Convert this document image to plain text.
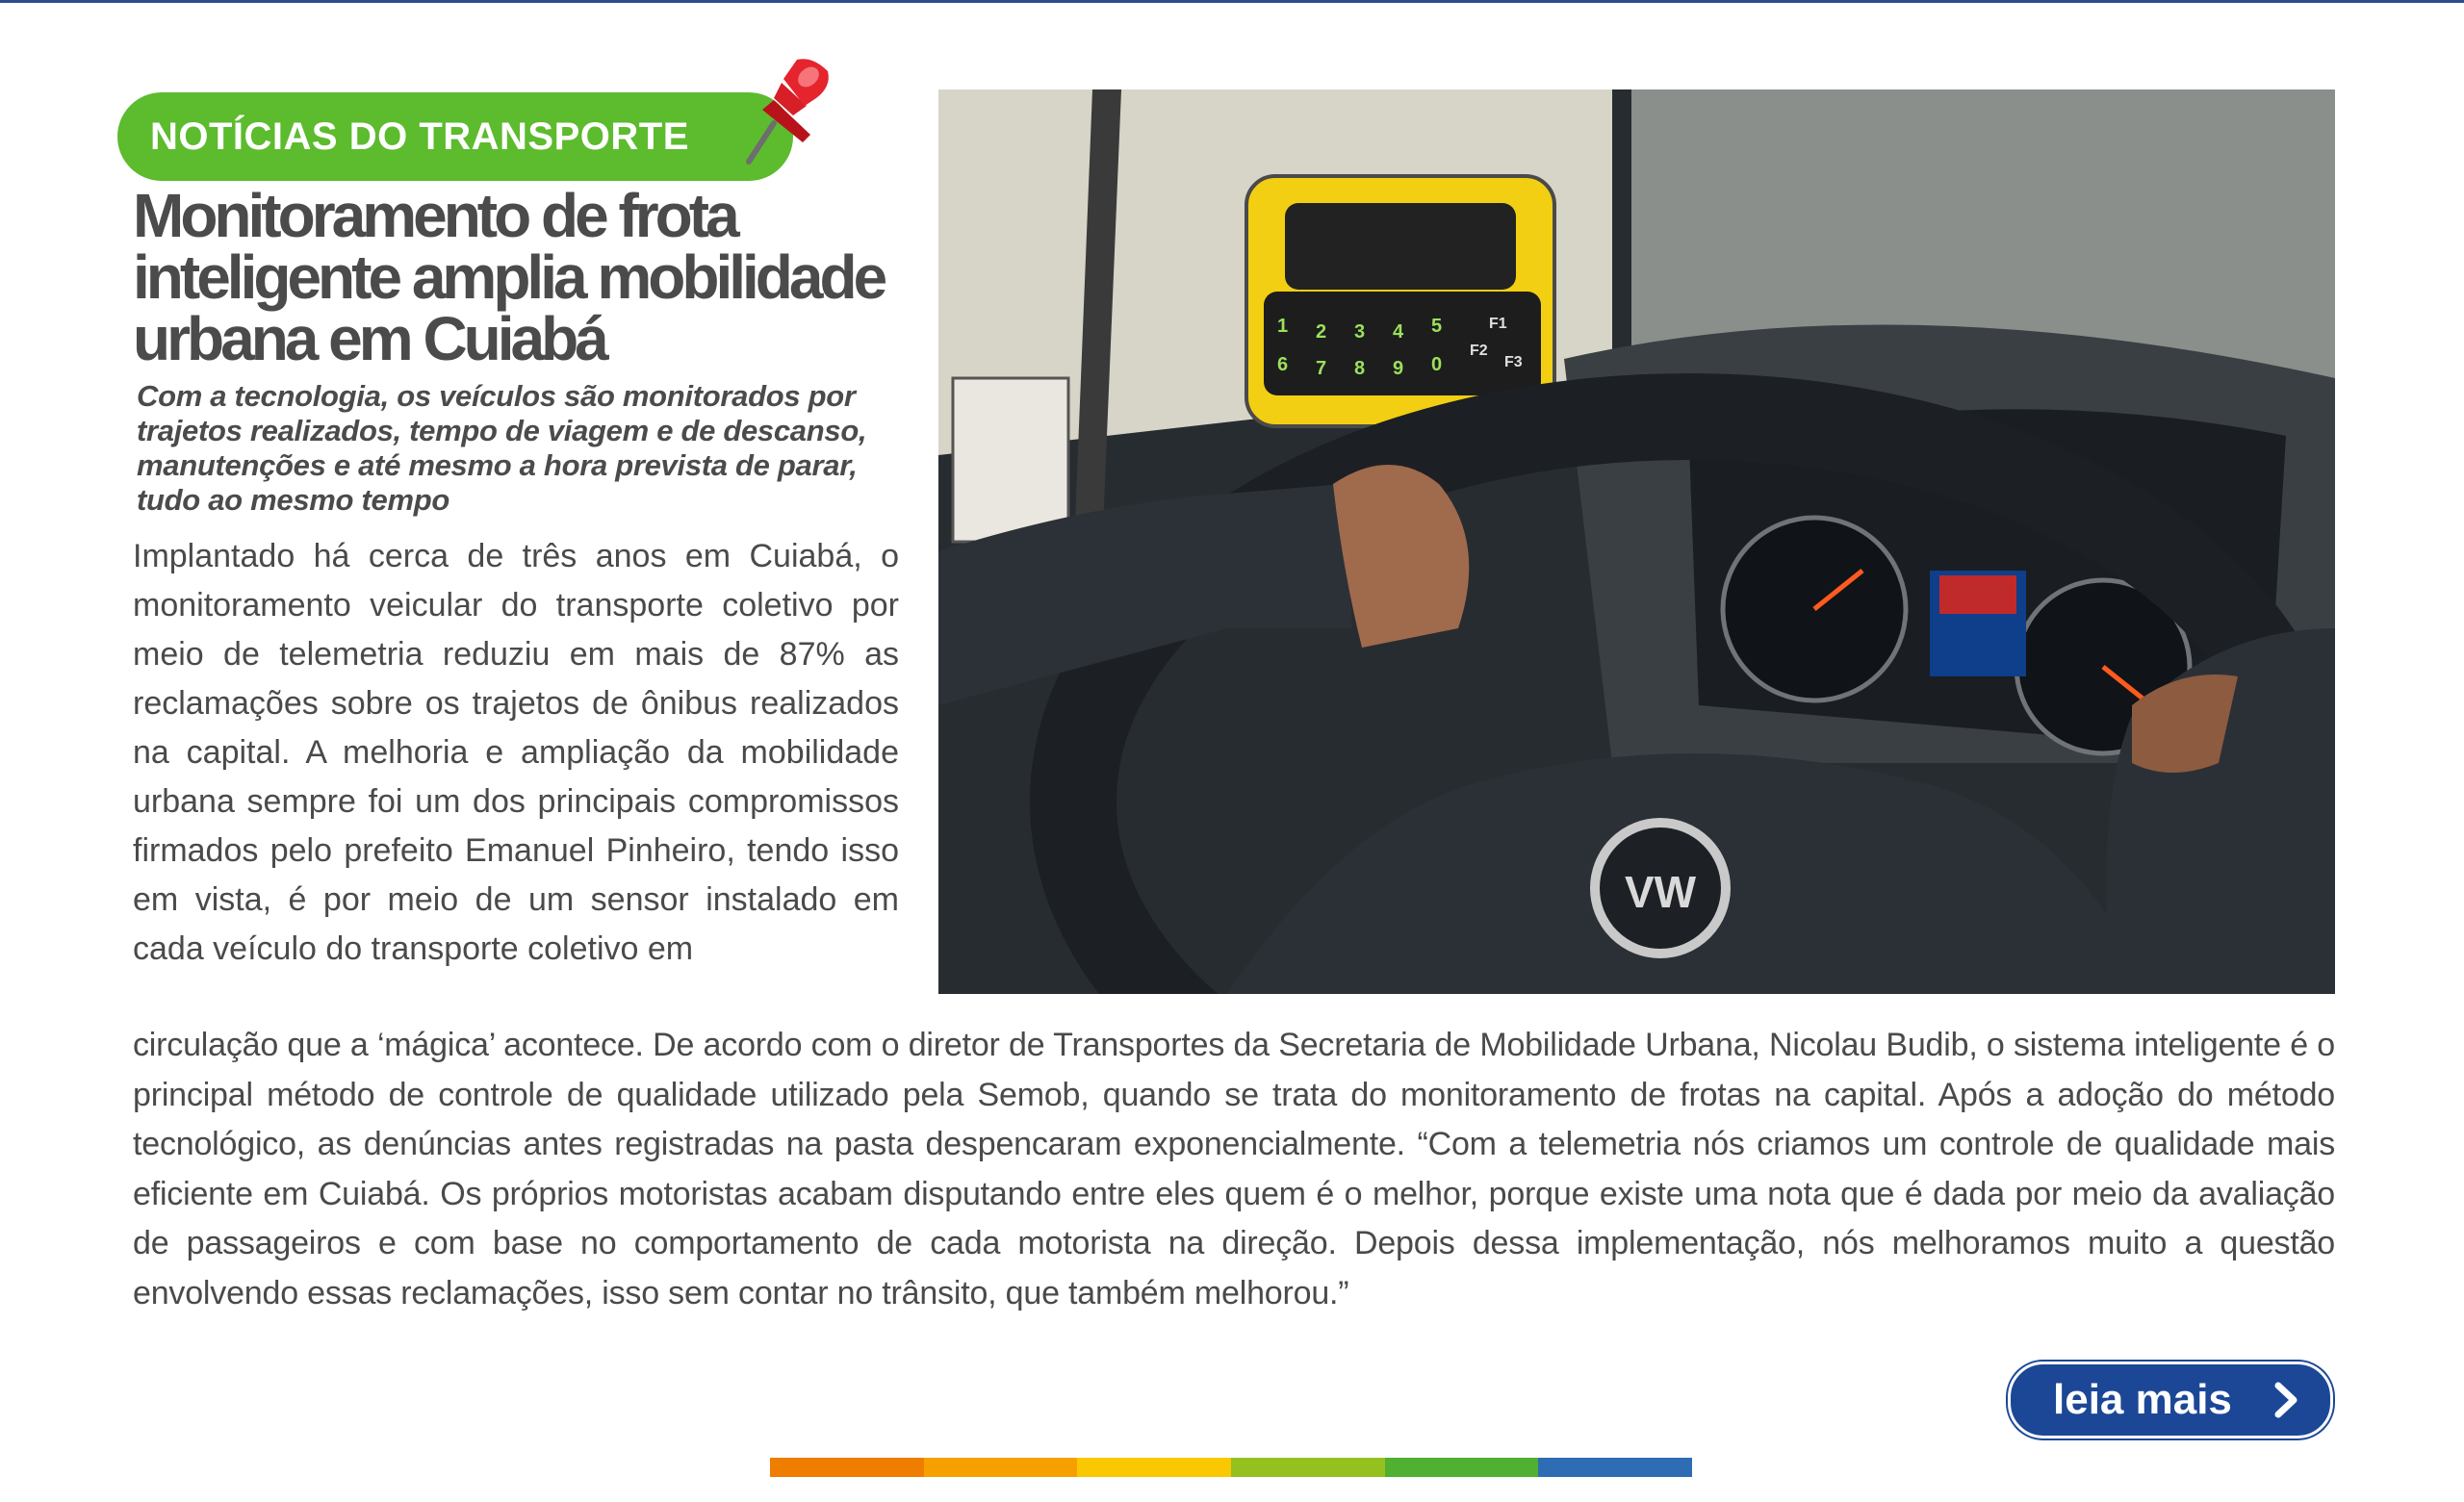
NOTÍCIAS DO TRANSPORTE
Monitoramento de frota inteligente amplia mobilidade urbana em Cuiabá

Com a tecnologia, os veículos são monitorados por trajetos realizados, tempo de viagem e de descanso, manutenções e até mesmo a hora prevista de parar, tudo ao mesmo tempo

Implantado há cerca de três anos em Cuiabá, o monitoramento veicular do transporte coletivo por meio de telemetria reduziu em mais de 87% as reclamações sobre os trajetos de ônibus realizados na capital. A melhoria e ampliação da mobilidade urbana sempre foi um dos principais compromissos firmados pelo prefeito Emanuel Pinheiro, tendo isso em vista, é por meio de um sensor instalado em cada veículo do transporte coletivo em

1 2 3 4 5
6 7 8 9 0
F1
F2
F3
VW

circulação que a ‘mágica’ acontece. De acordo com o diretor de Transportes da Secretaria de Mobilidade Urbana, Nicolau Budib, o sistema inteligente é o principal método de controle de qualidade utilizado pela Semob, quando se trata do monitoramento de frotas na capital. Após a adoção do método tecnológico, as denúncias antes registradas na pasta despencaram exponencialmente. “Com a telemetria nós criamos um controle de qualidade mais eficiente em Cuiabá. Os próprios motoristas acabam disputando entre eles quem é o melhor, porque existe uma nota que é dada por meio da avaliação de passageiros e com base no comportamento de cada motorista na direção. Depois dessa implementação, nós melhoramos muito a questão envolvendo essas reclamações, isso sem contar no trânsito, que também melhorou.”

leia mais
